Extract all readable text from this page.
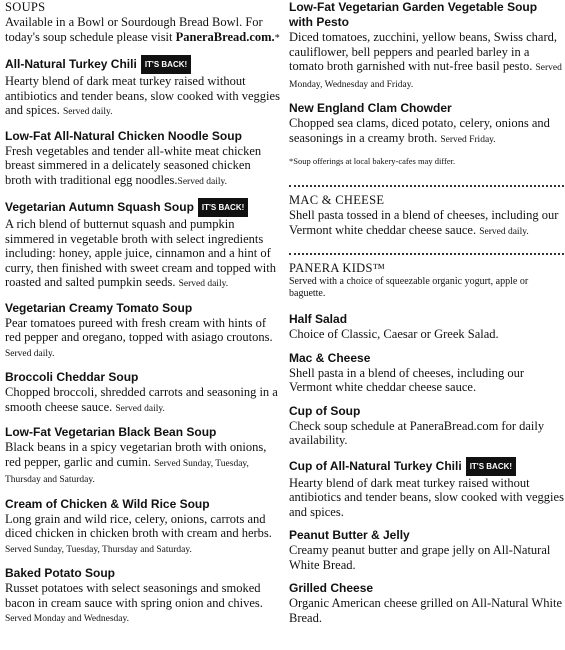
SOUPS
Available in a Bowl or Sourdough Bread Bowl. For today's soup schedule please visit PaneraBread.com.*
All-Natural Turkey Chili IT'S BACK!
Hearty blend of dark meat turkey raised without antibiotics and tender beans, slow cooked with veggies and spices. Served daily.
Low-Fat All-Natural Chicken Noodle Soup
Fresh vegetables and tender all-white meat chicken breast simmered in a delicately seasoned chicken broth with traditional egg noodles.Served daily.
Vegetarian Autumn Squash Soup IT'S BACK!
A rich blend of butternut squash and pumpkin simmered in vegetable broth with select ingredients including: honey, apple juice, cinnamon and a hint of curry, then finished with sweet cream and topped with roasted and salted pumpkin seeds. Served daily.
Vegetarian Creamy Tomato Soup
Pear tomatoes pureed with fresh cream with hints of red pepper and oregano, topped with asiago croutons. Served daily.
Broccoli Cheddar Soup
Chopped broccoli, shredded carrots and seasoning in a smooth cheese sauce. Served daily.
Low-Fat Vegetarian Black Bean Soup
Black beans in a spicy vegetarian broth with onions, red pepper, garlic and cumin. Served Sunday, Tuesday, Thursday and Saturday.
Cream of Chicken & Wild Rice Soup
Long grain and wild rice, celery, onions, carrots and diced chicken in chicken broth with cream and herbs. Served Sunday, Tuesday, Thursday and Saturday.
Baked Potato Soup
Russet potatoes with select seasonings and smoked bacon in cream sauce with spring onion and chives. Served Monday and Wednesday.
Low-Fat Vegetarian Garden Vegetable Soup with Pesto
Diced tomatoes, zucchini, yellow beans, Swiss chard, cauliflower, bell peppers and pearled barley in a tomato broth garnished with nut-free basil pesto. Served Monday, Wednesday and Friday.
New England Clam Chowder
Chopped sea clams, diced potato, celery, onions and seasonings in a creamy broth. Served Friday.
*Soup offerings at local bakery-cafes may differ.
MAC & CHEESE
Shell pasta tossed in a blend of cheeses, including our Vermont white cheddar cheese sauce. Served daily.
PANERA KIDS™
Served with a choice of squeezable organic yogurt, apple or baguette.
Half Salad
Choice of Classic, Caesar or Greek Salad.
Mac & Cheese
Shell pasta in a blend of cheeses, including our Vermont white cheddar cheese sauce.
Cup of Soup
Check soup schedule at PaneraBread.com for daily availability.
Cup of All-Natural Turkey Chili IT'S BACK!
Hearty blend of dark meat turkey raised without antibiotics and tender beans, slow cooked with veggies and spices.
Peanut Butter & Jelly
Creamy peanut butter and grape jelly on All-Natural White Bread.
Grilled Cheese
Organic American cheese grilled on All-Natural White Bread.
